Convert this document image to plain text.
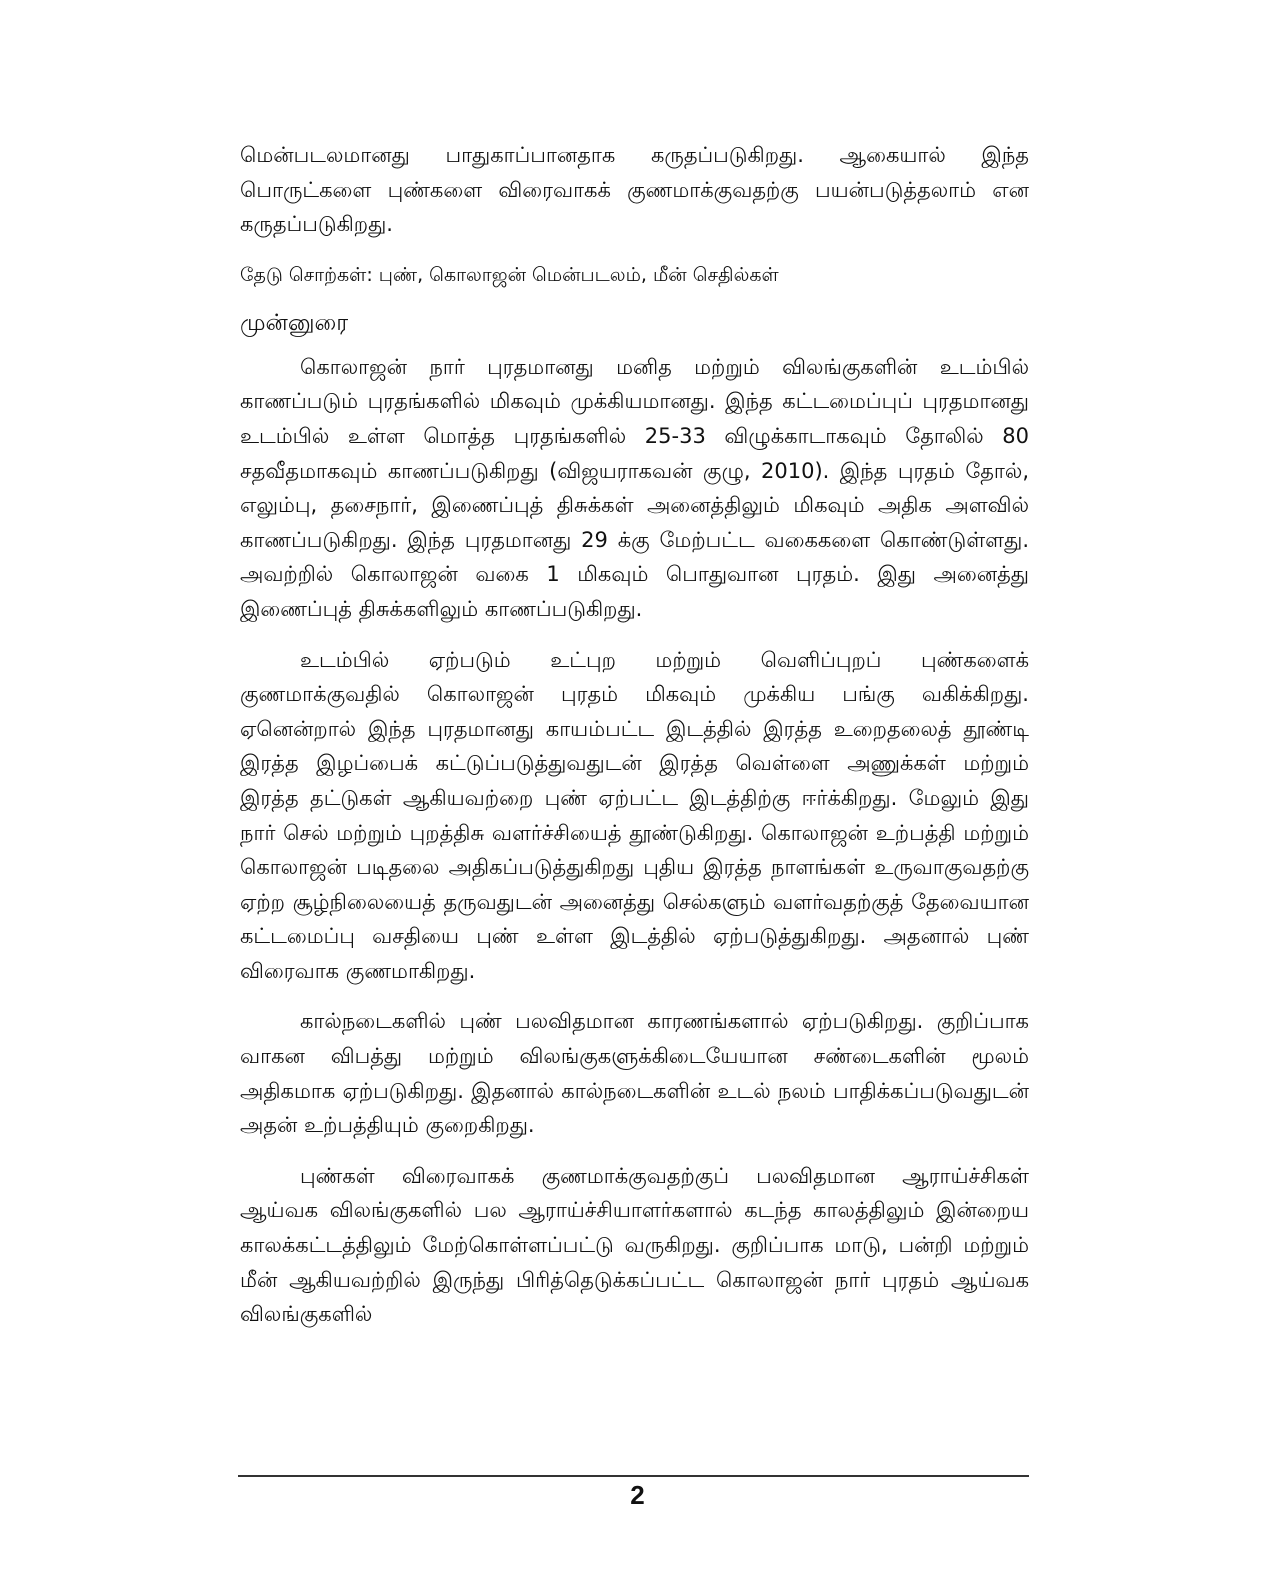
மென்படலமானது பாதுகாப்பானதாக கருதப்படுகிறது. ஆகையால் இந்த பொருட்களை புண்களை விரைவாகக் குணமாக்குவதற்கு பயன்படுத்தலாம் என கருதப்படுகிறது.

தேடு சொற்கள்: புண், கொலாஜன் மென்படலம், மீன் செதில்கள்

முன்னுரை

கொலாஜன் நார் புரதமானது மனித மற்றும் விலங்குகளின் உடம்பில் காணப்படும் புரதங்களில் மிகவும் முக்கியமானது. இந்த கட்டமைப்புப் புரதமானது உடம்பில் உள்ள மொத்த புரதங்களில் 25-33 விழுக்காடாகவும் தோலில் 80 சதவீதமாகவும் காணப்படுகிறது (விஜயராகவன் குழு, 2010). இந்த புரதம் தோல், எலும்பு, தசைநார், இணைப்புத் திசுக்கள் அனைத்திலும் மிகவும் அதிக அளவில் காணப்படுகிறது. இந்த புரதமானது 29 க்கு மேற்பட்ட வகைகளை கொண்டுள்ளது. அவற்றில் கொலாஜன் வகை 1 மிகவும் பொதுவான புரதம். இது அனைத்து இணைப்புத் திசுக்களிலும் காணப்படுகிறது.

உடம்பில் ஏற்படும் உட்புற மற்றும் வெளிப்புறப் புண்களைக் குணமாக்குவதில் கொலாஜன் புரதம் மிகவும் முக்கிய பங்கு வகிக்கிறது. ஏனென்றால் இந்த புரதமானது காயம்பட்ட இடத்தில் இரத்த உறைதலைத் தூண்டி இரத்த இழப்பைக் கட்டுப்படுத்துவதுடன் இரத்த வெள்ளை அணுக்கள் மற்றும் இரத்த தட்டுகள் ஆகியவற்றை புண் ஏற்பட்ட இடத்திற்கு ஈர்க்கிறது. மேலும் இது நார் செல் மற்றும் புறத்திசு வளர்ச்சியைத் தூண்டுகிறது. கொலாஜன் உற்பத்தி மற்றும் கொலாஜன் படிதலை அதிகப்படுத்துகிறது புதிய இரத்த நாளங்கள் உருவாகுவதற்கு ஏற்ற சூழ்நிலையைத் தருவதுடன் அனைத்து செல்களும் வளர்வதற்குத் தேவையான கட்டமைப்பு வசதியை புண் உள்ள இடத்தில் ஏற்படுத்துகிறது. அதனால் புண் விரைவாக குணமாகிறது.

கால்நடைகளில் புண் பலவிதமான காரணங்களால் ஏற்படுகிறது. குறிப்பாக வாகன விபத்து மற்றும் விலங்குகளுக்கிடையேயான சண்டைகளின் மூலம் அதிகமாக ஏற்படுகிறது. இதனால் கால்நடைகளின் உடல் நலம் பாதிக்கப்படுவதுடன் அதன் உற்பத்தியும் குறைகிறது.

புண்கள் விரைவாகக் குணமாக்குவதற்குப் பலவிதமான ஆராய்ச்சிகள் ஆய்வக விலங்குகளில் பல ஆராய்ச்சியாளர்களால் கடந்த காலத்திலும் இன்றைய காலக்கட்டத்திலும் மேற்கொள்ளப்பட்டு வருகிறது. குறிப்பாக மாடு, பன்றி மற்றும் மீன் ஆகியவற்றில் இருந்து பிரித்தெடுக்கப்பட்ட கொலாஜன் நார் புரதம் ஆய்வக விலங்குகளில்

2
